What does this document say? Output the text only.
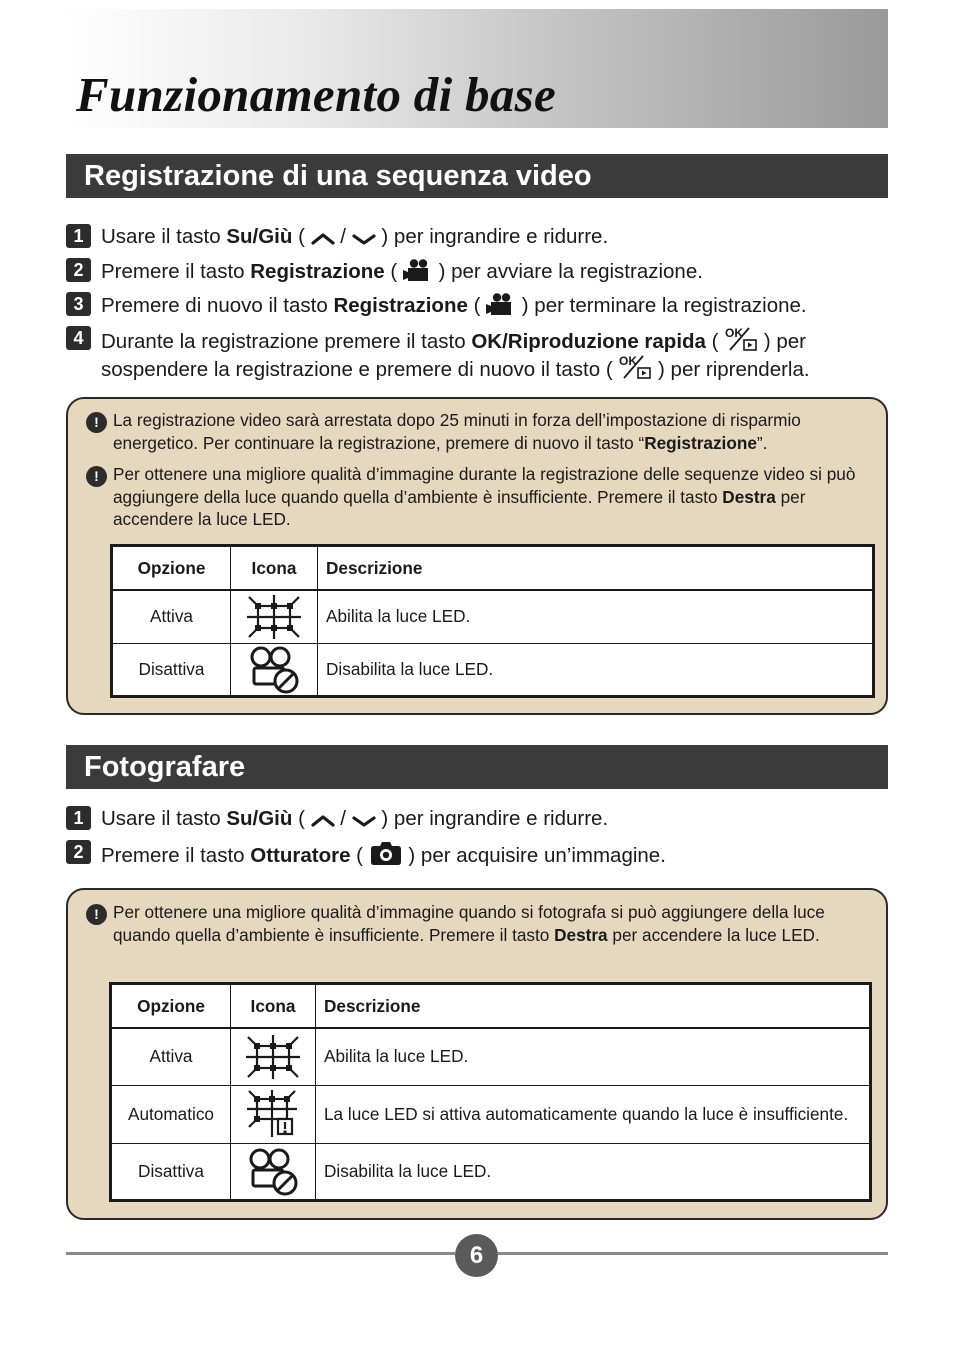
Funzionamento di base
Registrazione di una sequenza video
1 Usare il tasto Su/Giù (  /  ) per ingrandire e ridurre.
2 Premere il tasto Registrazione (  ) per avviare la registrazione.
3 Premere di nuovo il tasto Registrazione (  ) per terminare la registrazione.
4 Durante la registrazione premere il tasto OK/Riproduzione rapida ( OK ) per sospendere la registrazione e premere di nuovo il tasto ( OK ) per riprenderla.
! La registrazione video sarà arrestata dopo 25 minuti in forza dell’impostazione di risparmio energetico. Per continuare la registrazione, premere di nuovo il tasto “Registrazione”.
! Per ottenere una migliore qualità d’immagine durante la registrazione delle sequenze video si può aggiungere della luce quando quella d’ambiente è insufficiente. Premere il tasto Destra per accendere la luce LED.
Opzione	Icona	Descrizione
Attiva		Abilita la luce LED.
Disattiva		Disabilita la luce LED.
Fotografare
1 Usare il tasto Su/Giù (  /  ) per ingrandire e ridurre.
2 Premere il tasto Otturatore (  ) per acquisire un’immagine.
! Per ottenere una migliore qualità d’immagine quando si fotografa si può aggiungere della luce quando quella d’ambiente è insufficiente. Premere il tasto Destra per accendere la luce LED.
Opzione	Icona	Descrizione
Attiva		Abilita la luce LED.
Automatico		La luce LED si attiva automaticamente quando la luce è insufficiente.
Disattiva		Disabilita la luce LED.
6
